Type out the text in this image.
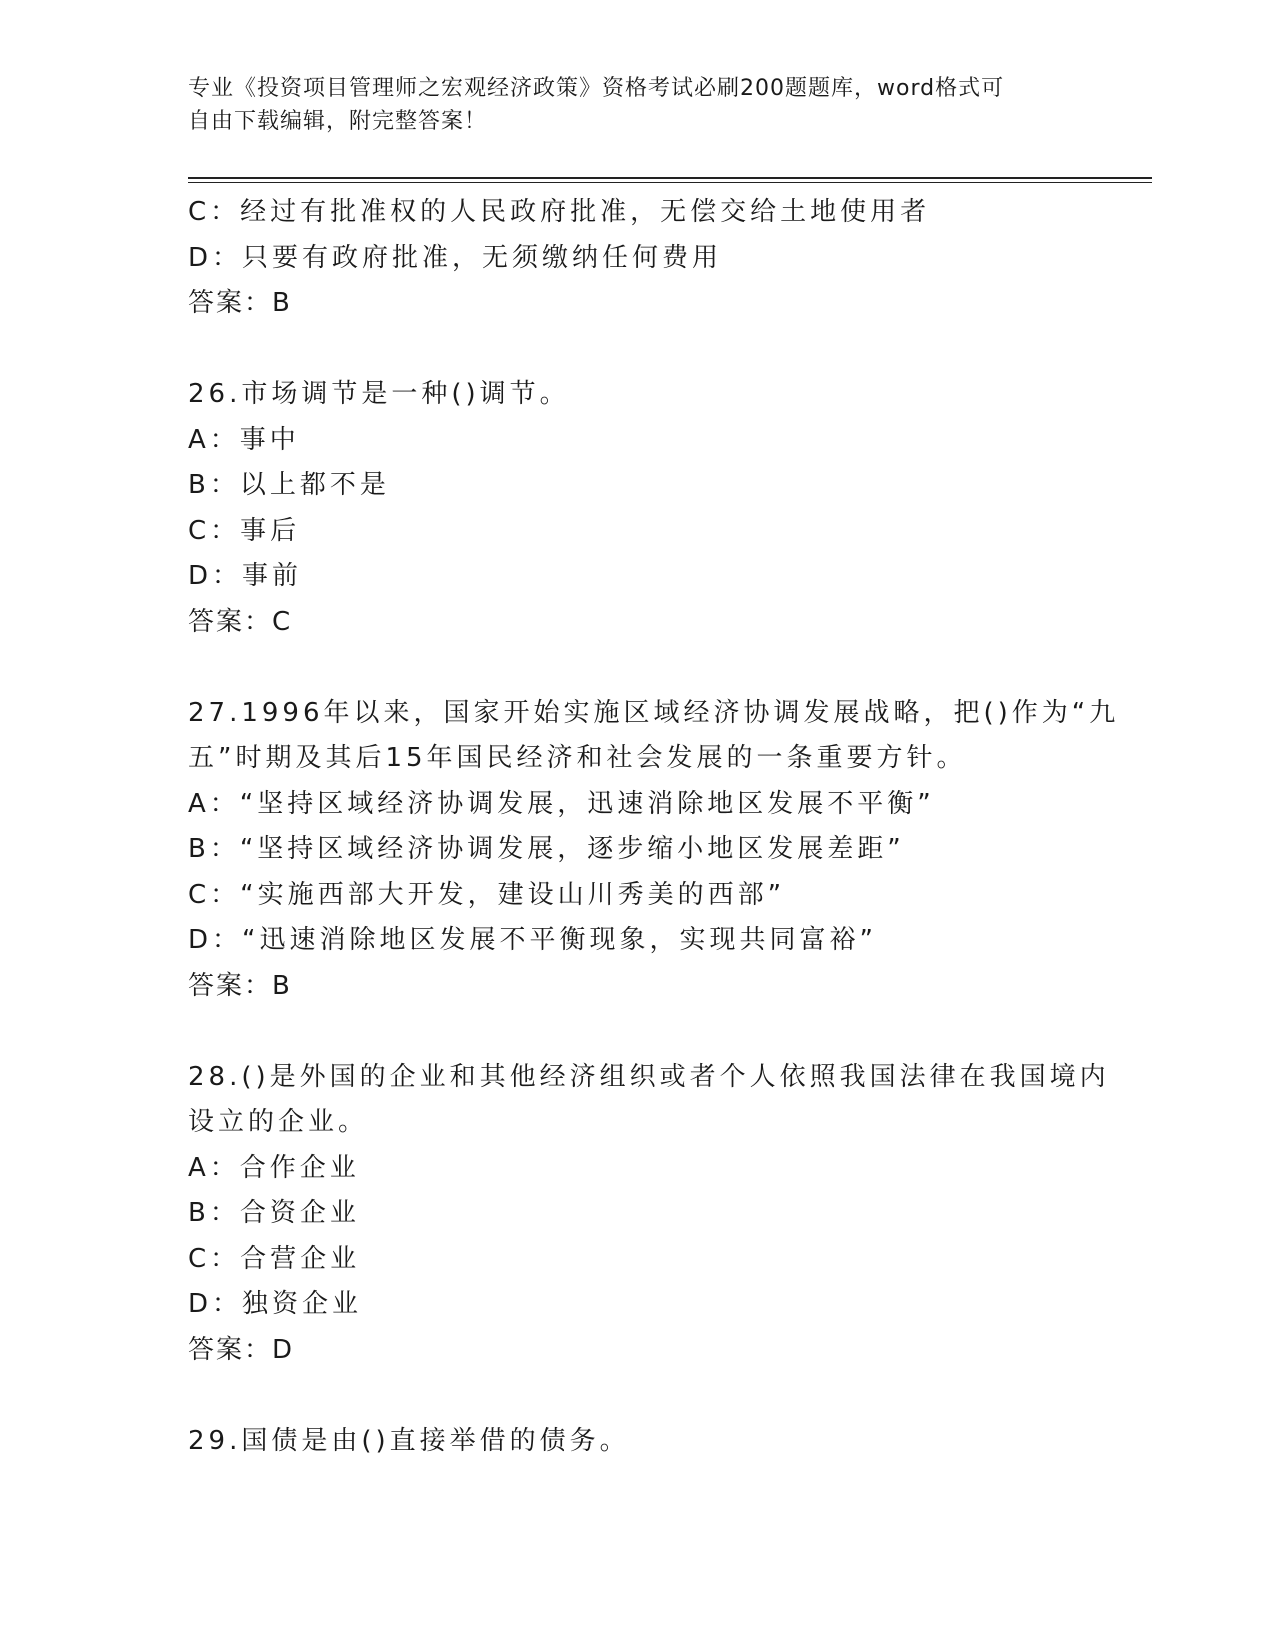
专业《投资项目管理师之宏观经济政策》资格考试必刷200题题库，word格式可
自由下载编辑，附完整答案！
C：经过有批准权的人民政府批准，无偿交给土地使用者
D：只要有政府批准，无须缴纳任何费用
答案：B
26.市场调节是一种()调节。
A：事中
B：以上都不是
C：事后
D：事前
答案：C
27.1996年以来，国家开始实施区域经济协调发展战略，把()作为“九
五”时期及其后15年国民经济和社会发展的一条重要方针。
A：“坚持区域经济协调发展，迅速消除地区发展不平衡”
B：“坚持区域经济协调发展，逐步缩小地区发展差距”
C：“实施西部大开发，建设山川秀美的西部”
D：“迅速消除地区发展不平衡现象，实现共同富裕”
答案：B
28.()是外国的企业和其他经济组织或者个人依照我国法律在我国境内
设立的企业。
A：合作企业
B：合资企业
C：合营企业
D：独资企业
答案：D
29.国债是由()直接举借的债务。
